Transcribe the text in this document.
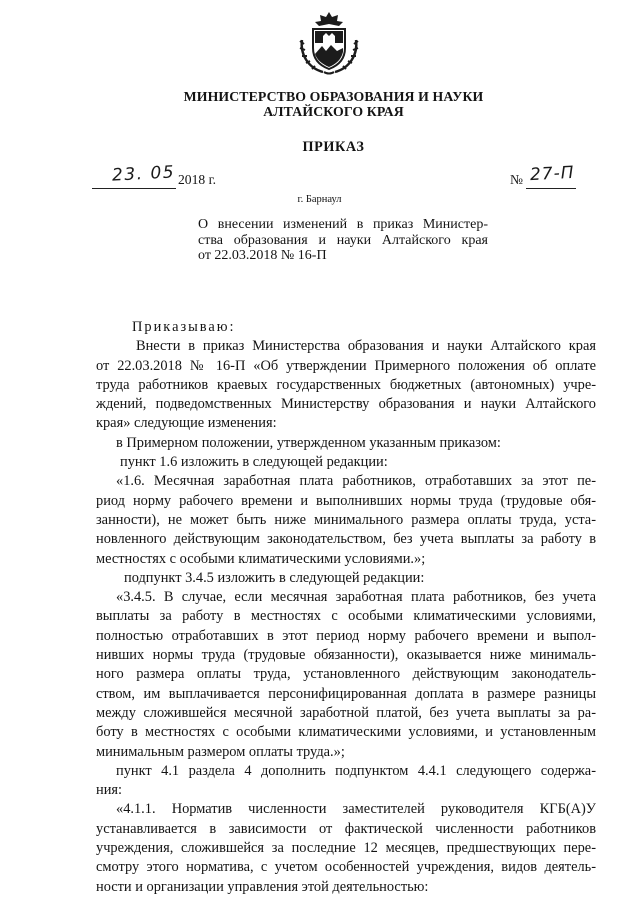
МИНИСТЕРСТВО ОБРАЗОВАНИЯ И НАУКИ
АЛТАЙСКОГО КРАЯ
ПРИКАЗ
23. 05 2018 г.	№ 27-П
г. Барнаул
О внесении изменений в приказ Министер-
ства образования и науки Алтайского края
от 22.03.2018 № 16-П
Приказываю:
Внести в приказ Министерства образования и науки Алтайского края
от 22.03.2018 № 16-П «Об утверждении Примерного положения об оплате
труда работников краевых государственных бюджетных (автономных) учре-
ждений, подведомственных Министерству образования и науки Алтайского
края» следующие изменения:
в Примерном положении, утвержденном указанным приказом:
пункт 1.6 изложить в следующей редакции:
«1.6. Месячная заработная плата работников, отработавших за этот пе-
риод норму рабочего времени и выполнивших нормы труда (трудовые обя-
занности), не может быть ниже минимального размера оплаты труда, уста-
новленного действующим законодательством, без учета выплаты за работу в
местностях с особыми климатическими условиями.»;
подпункт 3.4.5 изложить в следующей редакции:
«3.4.5. В случае, если месячная заработная плата работников, без учета
выплаты за работу в местностях с особыми климатическими условиями,
полностью отработавших в этот период норму рабочего времени и выпол-
нивших нормы труда (трудовые обязанности), оказывается ниже минималь-
ного размера оплаты труда, установленного действующим законодатель-
ством, им выплачивается персонифицированная доплата в размере разницы
между сложившейся месячной заработной платой, без учета выплаты за ра-
боту в местностях с особыми климатическими условиями, и установленным
минимальным размером оплаты труда.»;
пункт 4.1 раздела 4 дополнить подпунктом 4.4.1 следующего содержа-
ния:
«4.1.1. Норматив численности заместителей руководителя КГБ(А)У
устанавливается в зависимости от фактической численности работников
учреждения, сложившейся за последние 12 месяцев, предшествующих пере-
смотру этого норматива, с учетом особенностей учреждения, видов деятель-
ности и организации управления этой деятельностью:
